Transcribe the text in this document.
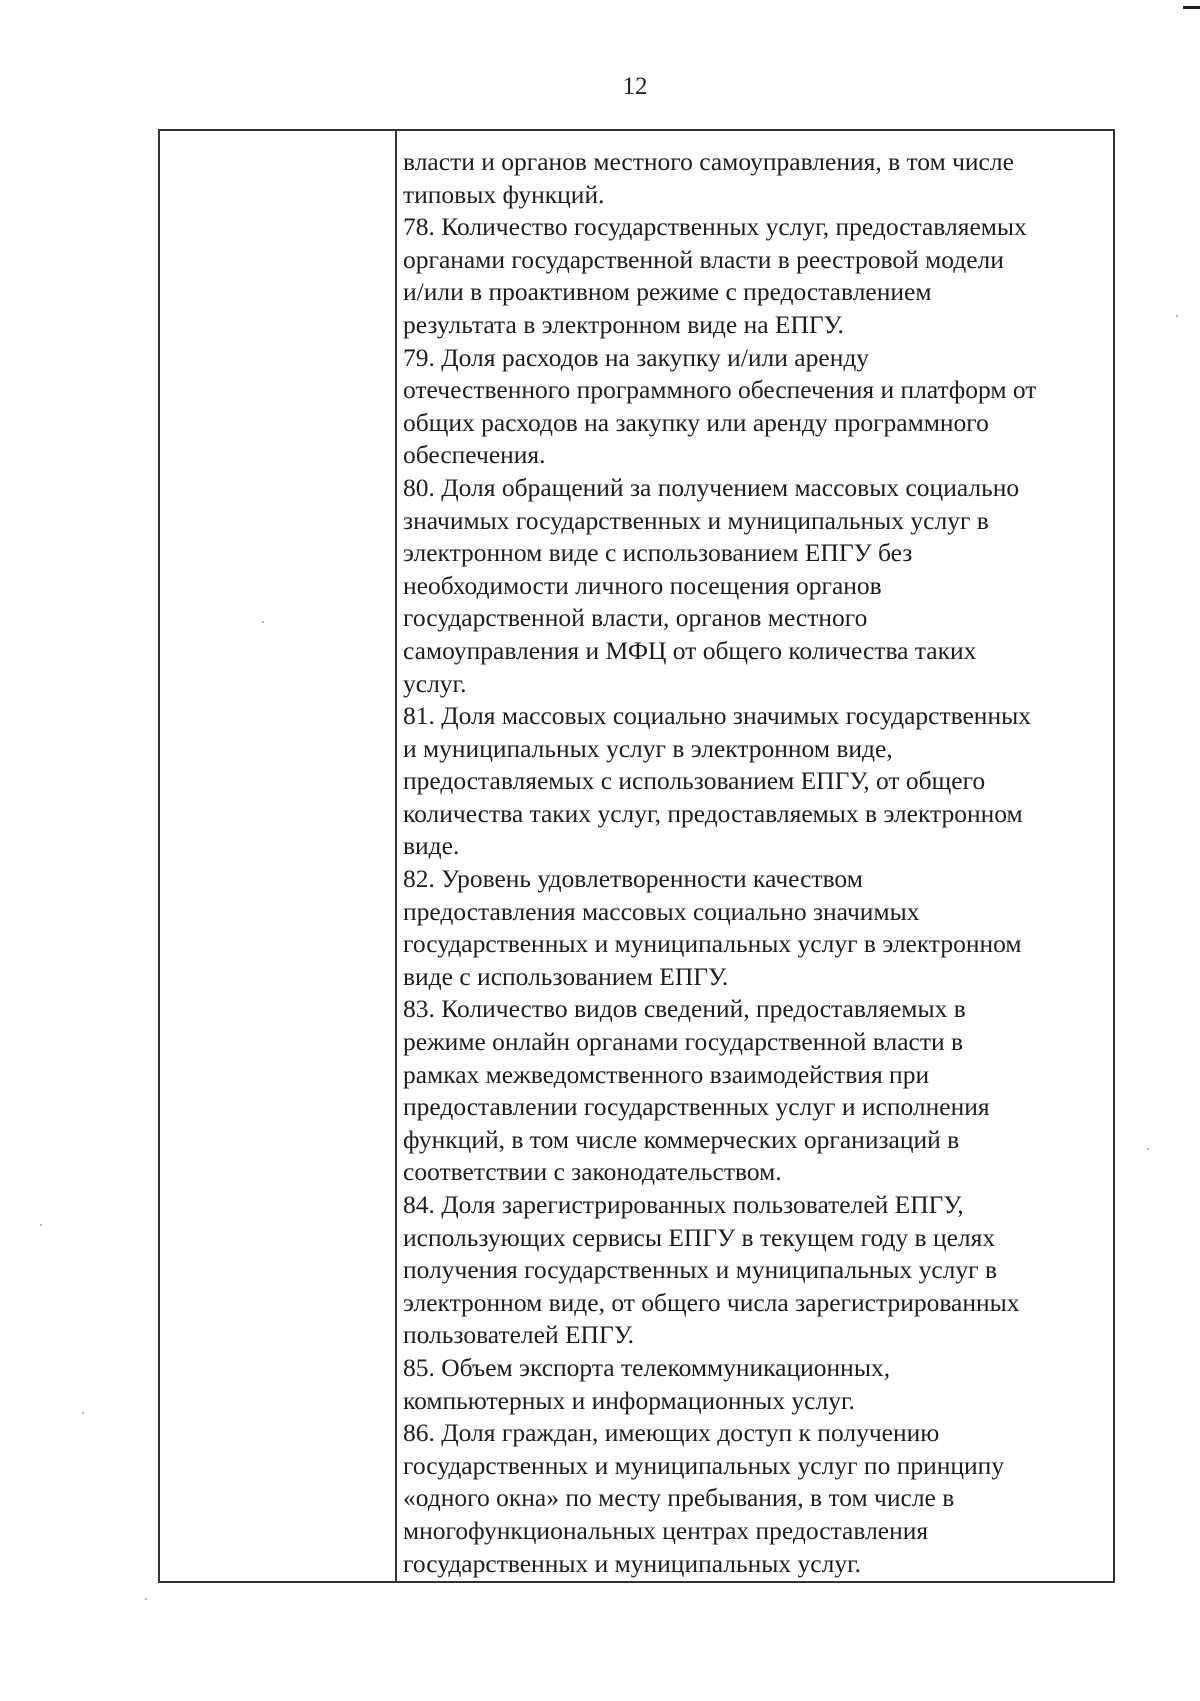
12
власти и органов местного самоуправления, в том числе
типовых функций.
78. Количество государственных услуг, предоставляемых
органами государственной власти в реестровой модели
и/или в проактивном режиме с предоставлением
результата в электронном виде на ЕПГУ.
79. Доля расходов на закупку и/или аренду
отечественного программного обеспечения и платформ от
общих расходов на закупку или аренду программного
обеспечения.
80. Доля обращений за получением массовых социально
значимых государственных и муниципальных услуг в
электронном виде с использованием ЕПГУ без
необходимости личного посещения органов
государственной власти, органов местного
самоуправления и МФЦ от общего количества таких
услуг.
81. Доля массовых социально значимых государственных
и муниципальных услуг в электронном виде,
предоставляемых с использованием ЕПГУ, от общего
количества таких услуг, предоставляемых в электронном
виде.
82. Уровень удовлетворенности качеством
предоставления массовых социально значимых
государственных и муниципальных услуг в электронном
виде с использованием ЕПГУ.
83. Количество видов сведений, предоставляемых в
режиме онлайн органами государственной власти в
рамках межведомственного взаимодействия при
предоставлении государственных услуг и исполнения
функций, в том числе коммерческих организаций в
соответствии с законодательством.
84. Доля зарегистрированных пользователей ЕПГУ,
использующих сервисы ЕПГУ в текущем году в целях
получения государственных и муниципальных услуг в
электронном виде, от общего числа зарегистрированных
пользователей ЕПГУ.
85. Объем экспорта телекоммуникационных,
компьютерных и информационных услуг.
86. Доля граждан, имеющих доступ к получению
государственных и муниципальных услуг по принципу
«одного окна» по месту пребывания, в том числе в
многофункциональных центрах предоставления
государственных и муниципальных услуг.
